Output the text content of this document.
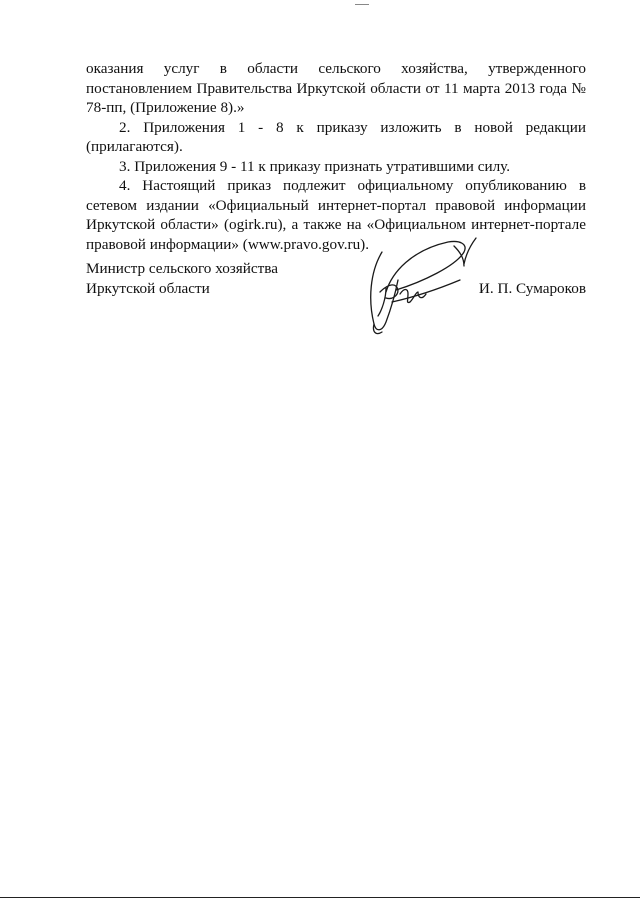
оказания услуг в области сельского хозяйства, утвержденного постановлением Правительства Иркутской области от 11 марта 2013 года № 78-пп, (Приложение 8).»

2. Приложения 1 - 8 к приказу изложить в новой редакции (прилагаются).

3. Приложения 9 - 11 к приказу признать утратившими силу.

4. Настоящий приказ подлежит официальному опубликованию в сетевом издании «Официальный интернет-портал правовой информации Иркутской области» (ogirk.ru), а также на «Официальном интернет-портале правовой информации» (www.pravo.gov.ru).

Министр сельского хозяйства
Иркутской области	И. П. Сумароков
